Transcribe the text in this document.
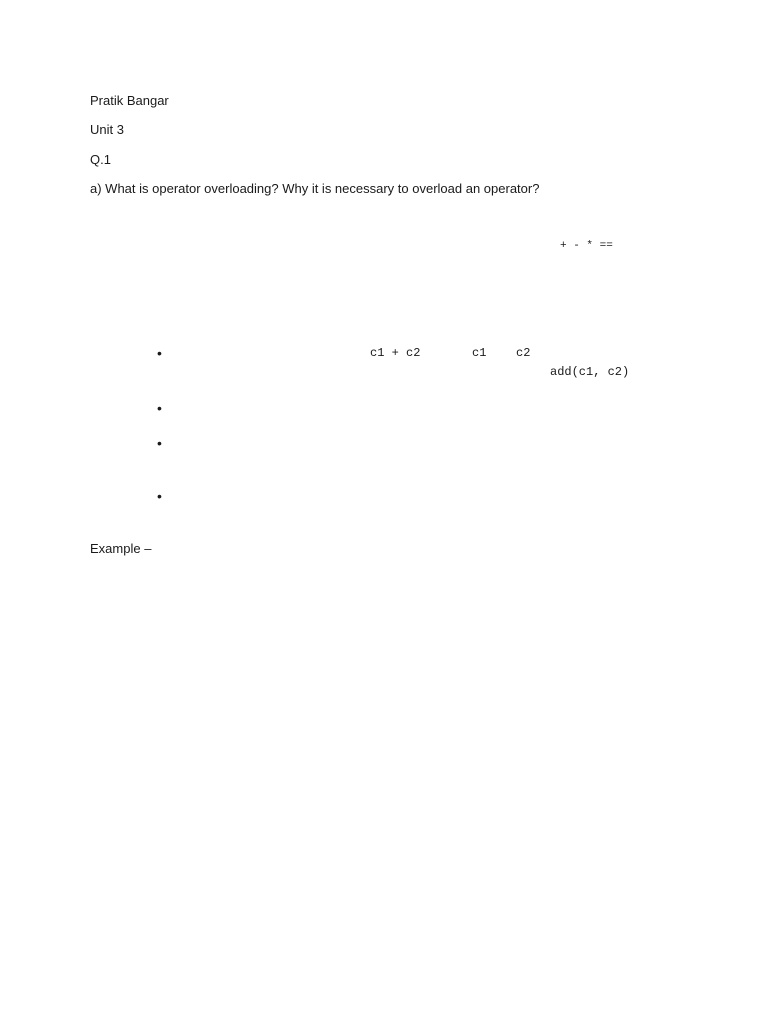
Pratik Bangar
Unit 3
Q.1
a) What is operator overloading? Why it is necessary to overload an operator?
+ - * ==
•	c1 + c2	c1 c2
add(c1, c2)
•
•
•
Example –
